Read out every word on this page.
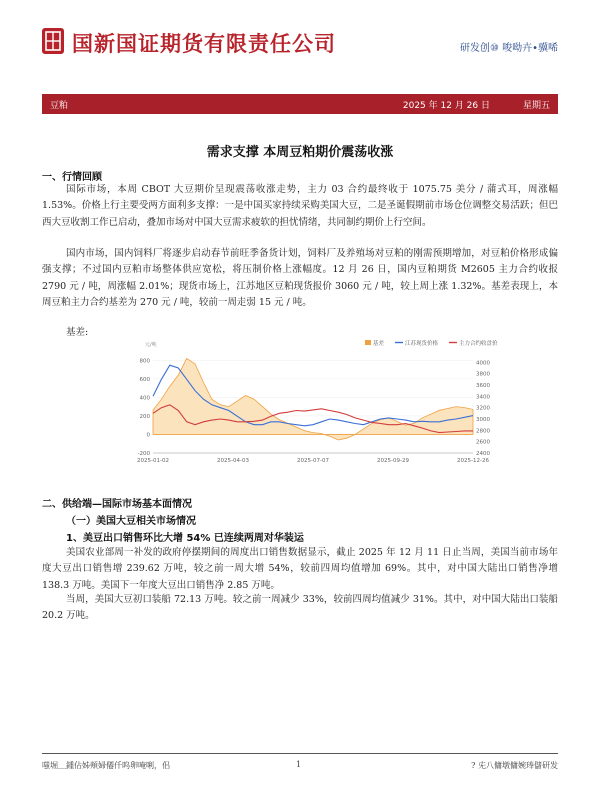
国新国证期货有限责任公司	研发创⑩ 唆呦卉•骥唏
豆粕	2025 年 12 月 26 日	星期五
需求支撑 本周豆粕期价震荡收涨
一、行情回顾

国际市场，本周 CBOT 大豆期价呈现震荡收涨走势，主力 03 合约最终收于 1075.75 美分 / 蒲式耳，周涨幅 1.53%。价格上行主要受两方面利多支撑：一是中国买家持续采购美国大豆，二是圣诞假期前市场仓位调整交易活跃；但巴西大豆收割工作已启动，叠加市场对中国大豆需求疲软的担忧情绪，共同制约期价上行空间。

国内市场，国内饲料厂将逐步启动春节前旺季备货计划，饲料厂及养殖场对豆粕的刚需预期增加，对豆粕价格形成偏强支撑；不过国内豆粕市场整体供应宽松，将压制价格上涨幅度。12 月 26 日，国内豆粕期货 M2605 主力合约收报 2790 元 / 吨，周涨幅 2.01%；现货市场上，江苏地区豆粕现货报价 3060 元 / 吨，较上周上涨 1.32%。基差表现上，本周豆粕主力合约基差为 270 元 / 吨，较前一周走弱 15 元 / 吨。

基差:
元/吨	基差	江苏现货价格	主力合约收盘价
800
600
400
200
0
-200
4000
3800
3600
3400
3200
3000
2800
2600
2400
2025-01-02	2025-04-03	2025-07-07	2025-09-29	2025-12-26
二、供给端—国际市场基本面情况
（一）美国大豆相关市场情况
1、美豆出口销售环比大增 54% 已连续两周对华装运

美国农业部周一补发的政府停摆期间的周度出口销售数据显示，截止 2025 年 12 月 11 日止当周，美国当前市场年度大豆出口销售增 239.62 万吨，较之前一周大增 54%，较前四周均值增加 69%。其中，对中国大陆出口销售净增 138.3 万吨。美国下一年度大豆出口销售净 2.85 万吨。

当周，美国大豆初口装船 72.13 万吨。较之前一周减少 33%，较前四周均值减少 31%。其中，对中国大陆出口装船 20.2 万吨。

嗤堀＿鍾佔姊頰婦僊仟呜卵唵唎，佀	1	? 兂八傭墩傭婉琫儲研发
